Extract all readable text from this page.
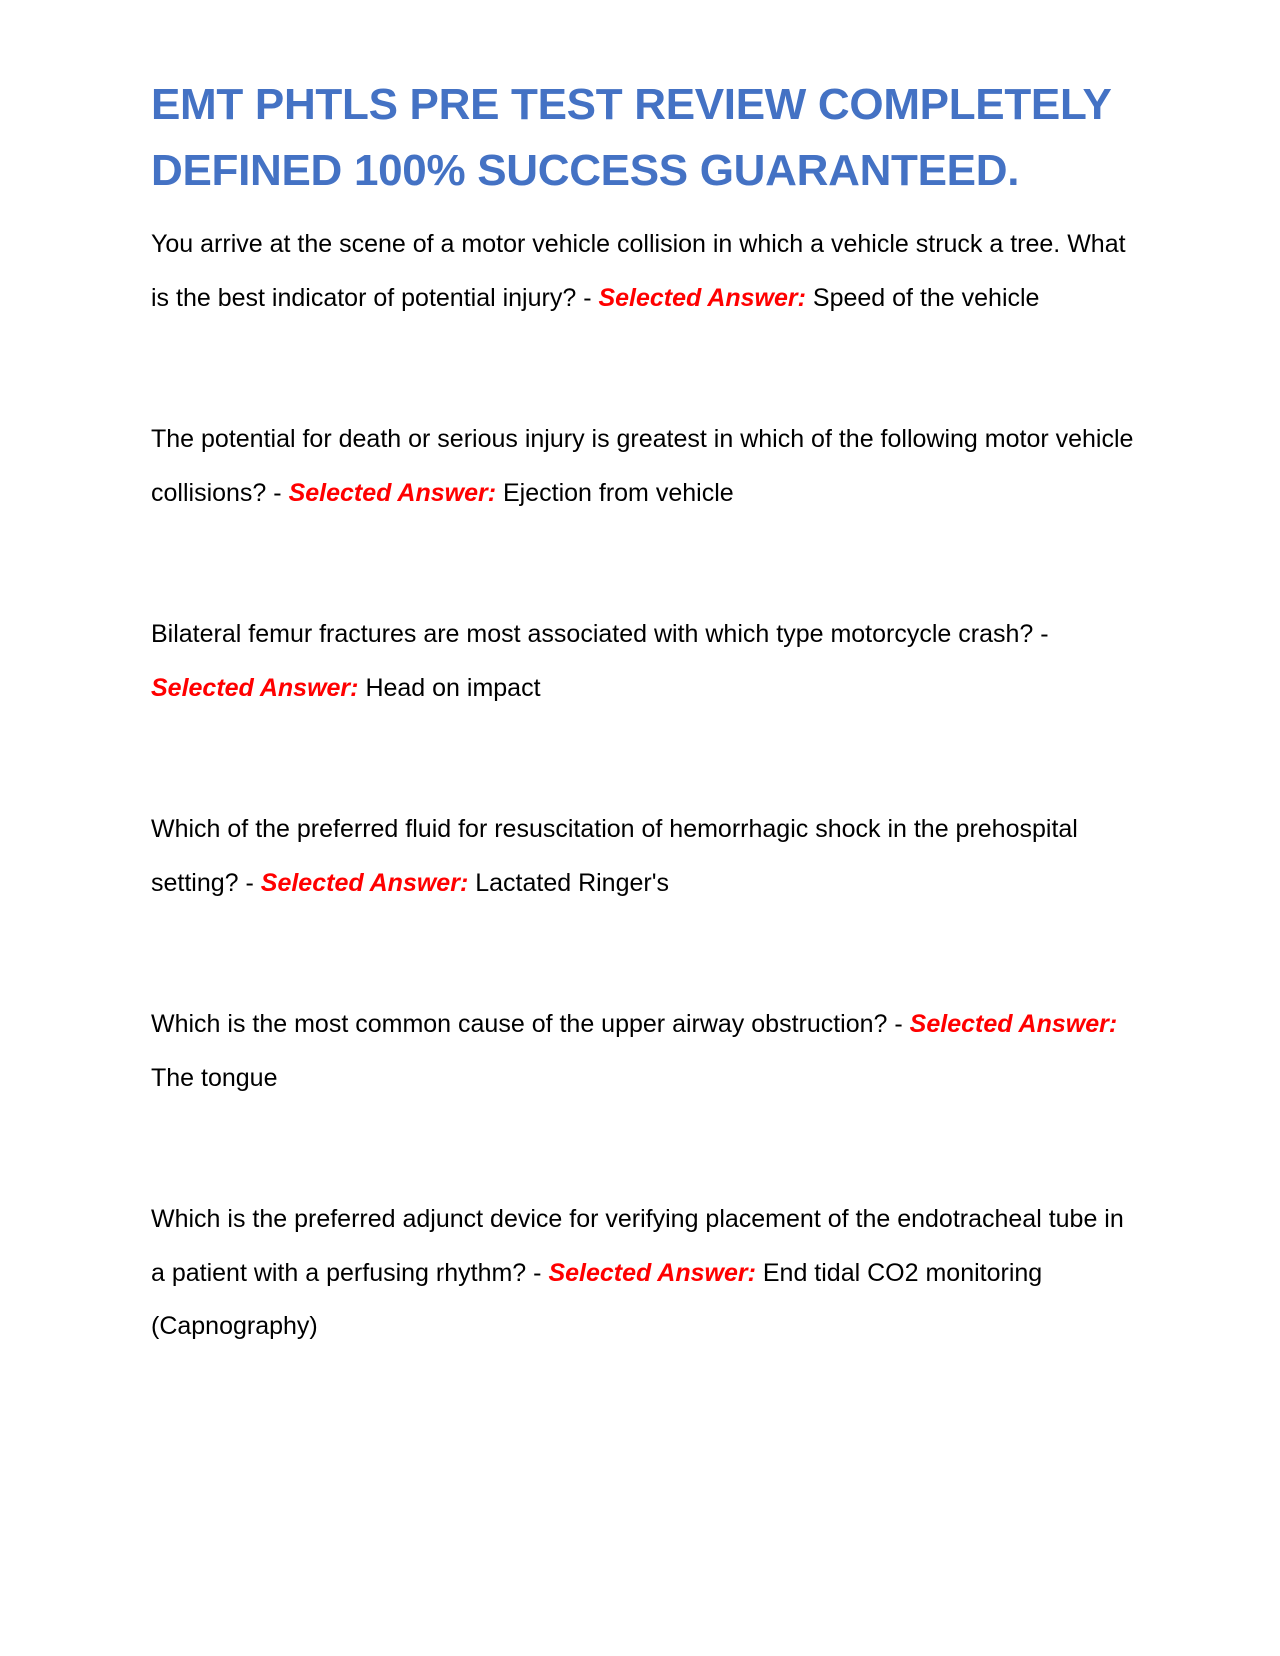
EMT PHTLS PRE TEST REVIEW COMPLETELY DEFINED 100% SUCCESS GUARANTEED.

You arrive at the scene of a motor vehicle collision in which a vehicle struck a tree. What is the best indicator of potential injury? - Selected Answer: Speed of the vehicle

The potential for death or serious injury is greatest in which of the following motor vehicle collisions? - Selected Answer: Ejection from vehicle

Bilateral femur fractures are most associated with which type motorcycle crash? - Selected Answer: Head on impact

Which of the preferred fluid for resuscitation of hemorrhagic shock in the prehospital setting? - Selected Answer: Lactated Ringer's

Which is the most common cause of the upper airway obstruction? - Selected Answer: The tongue

Which is the preferred adjunct device for verifying placement of the endotracheal tube in a patient with a perfusing rhythm? - Selected Answer: End tidal CO2 monitoring (Capnography)
